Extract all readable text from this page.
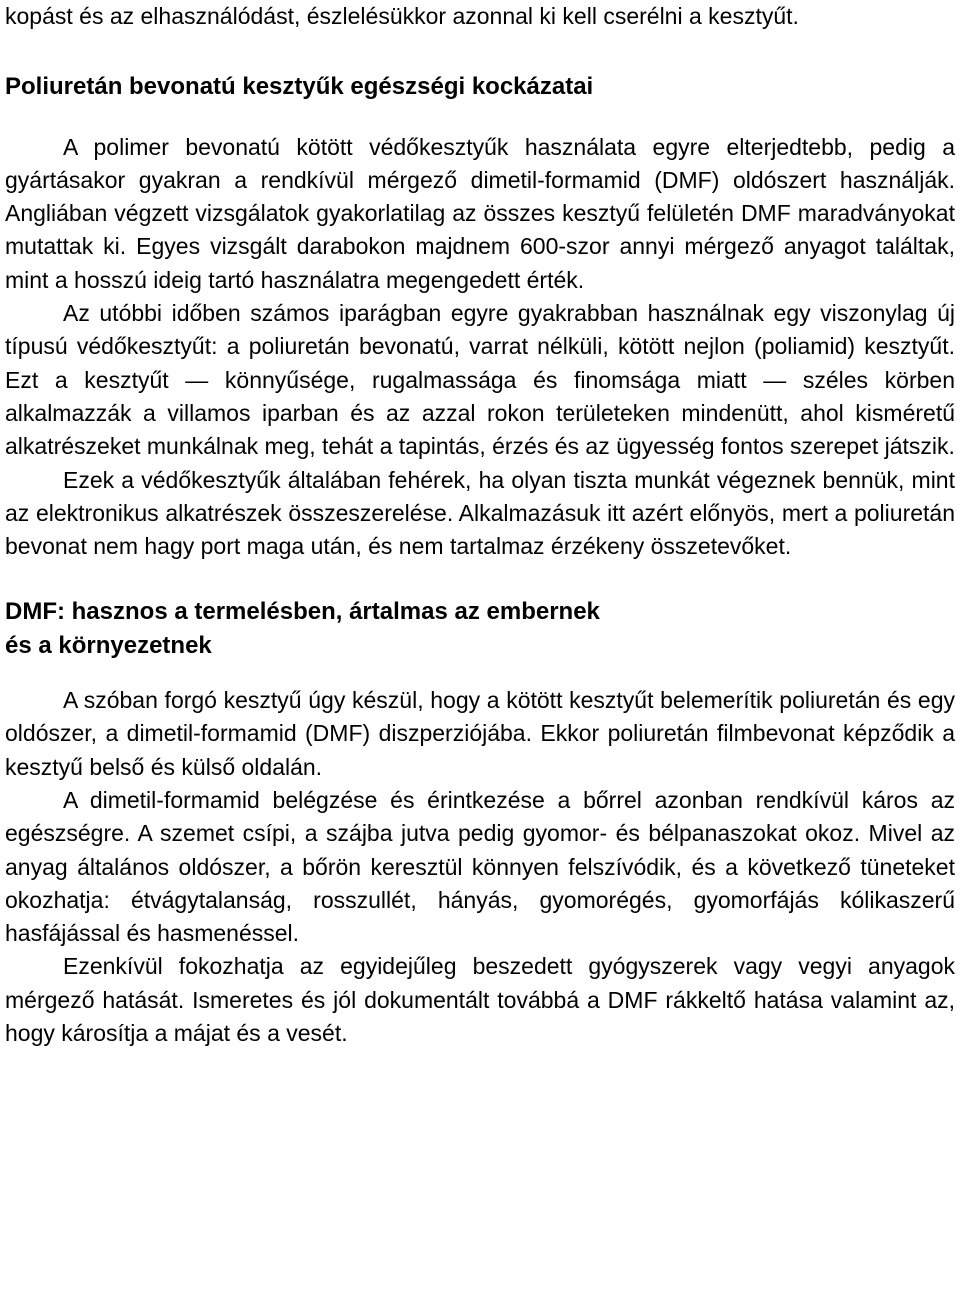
kopást és az elhasználódást, észlelésükkor azonnal ki kell cserélni a kesztyűt.

Poliuretán bevonatú kesztyűk egészségi kockázatai

A polimer bevonatú kötött védőkesztyűk használata egyre elterjedtebb, pedig a gyártásakor gyakran a rendkívül mérgező dimetil-formamid (DMF) oldószert használják. Angliában végzett vizsgálatok gyakorlatilag az összes kesztyű felületén DMF maradványokat mutattak ki. Egyes vizsgált darabokon majdnem 600-szor annyi mérgező anyagot találtak, mint a hosszú ideig tartó használatra megengedett érték.

Az utóbbi időben számos iparágban egyre gyakrabban használnak egy viszonylag új típusú védőkesztyűt: a poliuretán bevonatú, varrat nélküli, kötött nejlon (poliamid) kesztyűt. Ezt a kesztyűt — könnyűsége, rugalmassága és finomsága miatt — széles körben alkalmazzák a villamos iparban és az azzal rokon területeken mindenütt, ahol kisméretű alkatrészeket munkálnak meg, tehát a tapintás, érzés és az ügyesség fontos szerepet játszik.

Ezek a védőkesztyűk általában fehérek, ha olyan tiszta munkát végeznek bennük, mint az elektronikus alkatrészek összeszerelése. Alkalmazásuk itt azért előnyös, mert a poliuretán bevonat nem hagy port maga után, és nem tartalmaz érzékeny összetevőket.

DMF: hasznos a termelésben, ártalmas az embernek
és a környezetnek

A szóban forgó kesztyű úgy készül, hogy a kötött kesztyűt belemerítik poliuretán és egy oldószer, a dimetil-formamid (DMF) diszperziójába. Ekkor poliuretán filmbevonat képződik a kesztyű belső és külső oldalán.

A dimetil-formamid belégzése és érintkezése a bőrrel azonban rendkívül káros az egészségre. A szemet csípi, a szájba jutva pedig gyomor- és bélpanaszokat okoz. Mivel az anyag általános oldószer, a bőrön keresztül könnyen felszívódik, és a következő tüneteket okozhatja: étvágytalanság, rosszullét, hányás, gyomorégés, gyomorfájás kólikaszerű hasfájással és hasmenéssel.

Ezenkívül fokozhatja az egyidejűleg beszedett gyógyszerek vagy vegyi anyagok mérgező hatását. Ismeretes és jól dokumentált továbbá a DMF rákkeltő hatása valamint az, hogy károsítja a májat és a vesét.
